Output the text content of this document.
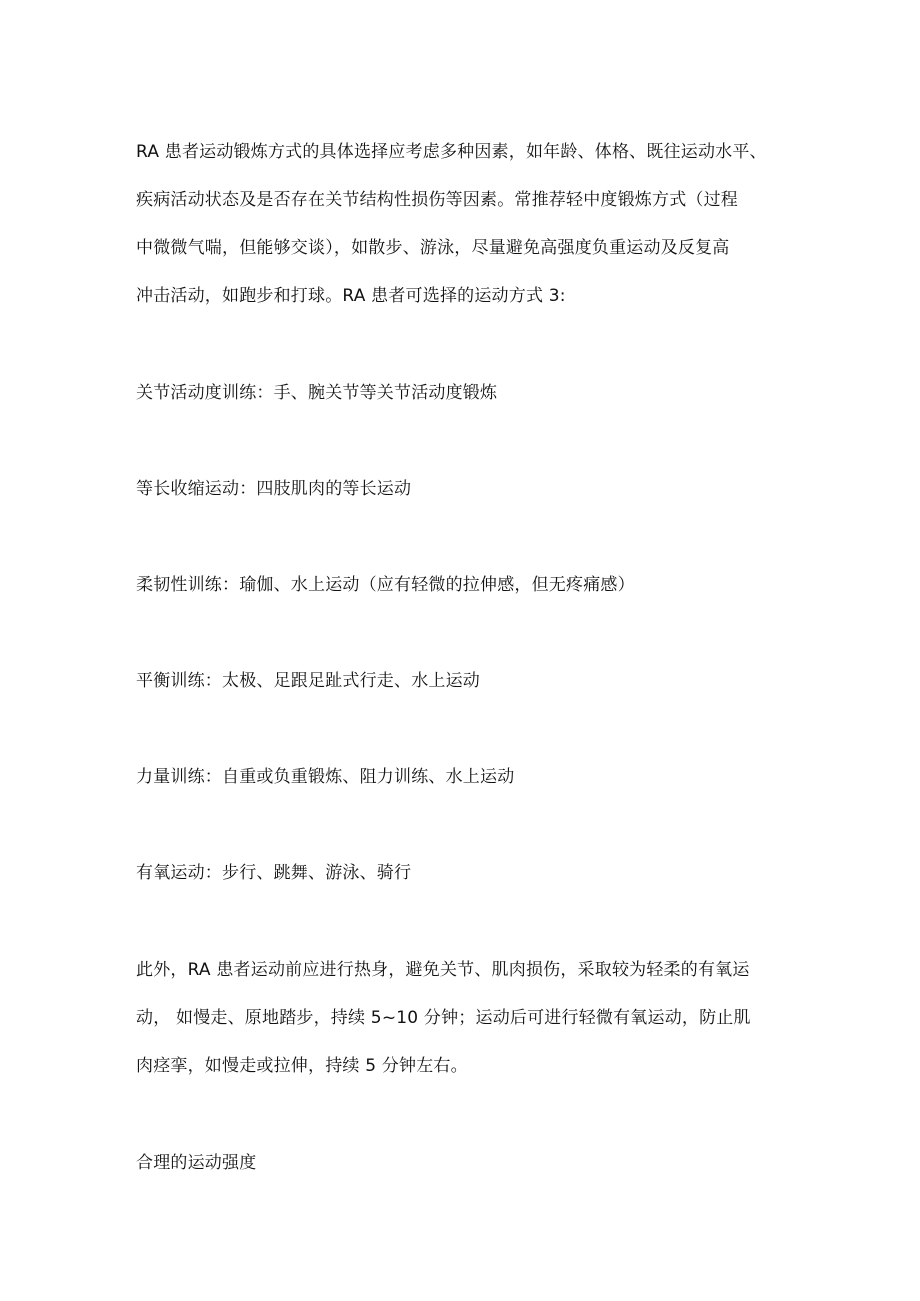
RA 患者运动锻炼方式的具体选择应考虑多种因素，如年龄、体格、既往运动水平、

疾病活动状态及是否存在关节结构性损伤等因素。常推荐轻中度锻炼方式（过程

中微微气喘，但能够交谈），如散步、游泳，尽量避免高强度负重运动及反复高

冲击活动，如跑步和打球。RA 患者可选择的运动方式 3:

关节活动度训练：手、腕关节等关节活动度锻炼

等长收缩运动：四肢肌肉的等长运动

柔韧性训练：瑜伽、水上运动（应有轻微的拉伸感，但无疼痛感）

平衡训练：太极、足跟足趾式行走、水上运动

力量训练：自重或负重锻炼、阻力训练、水上运动

有氧运动：步行、跳舞、游泳、骑行

此外，RA 患者运动前应进行热身，避免关节、肌肉损伤，采取较为轻柔的有氧运

动， 如慢走、原地踏步，持续 5~10 分钟；运动后可进行轻微有氧运动，防止肌

肉痉挛，如慢走或拉伸，持续 5 分钟左右。

合理的运动强度
